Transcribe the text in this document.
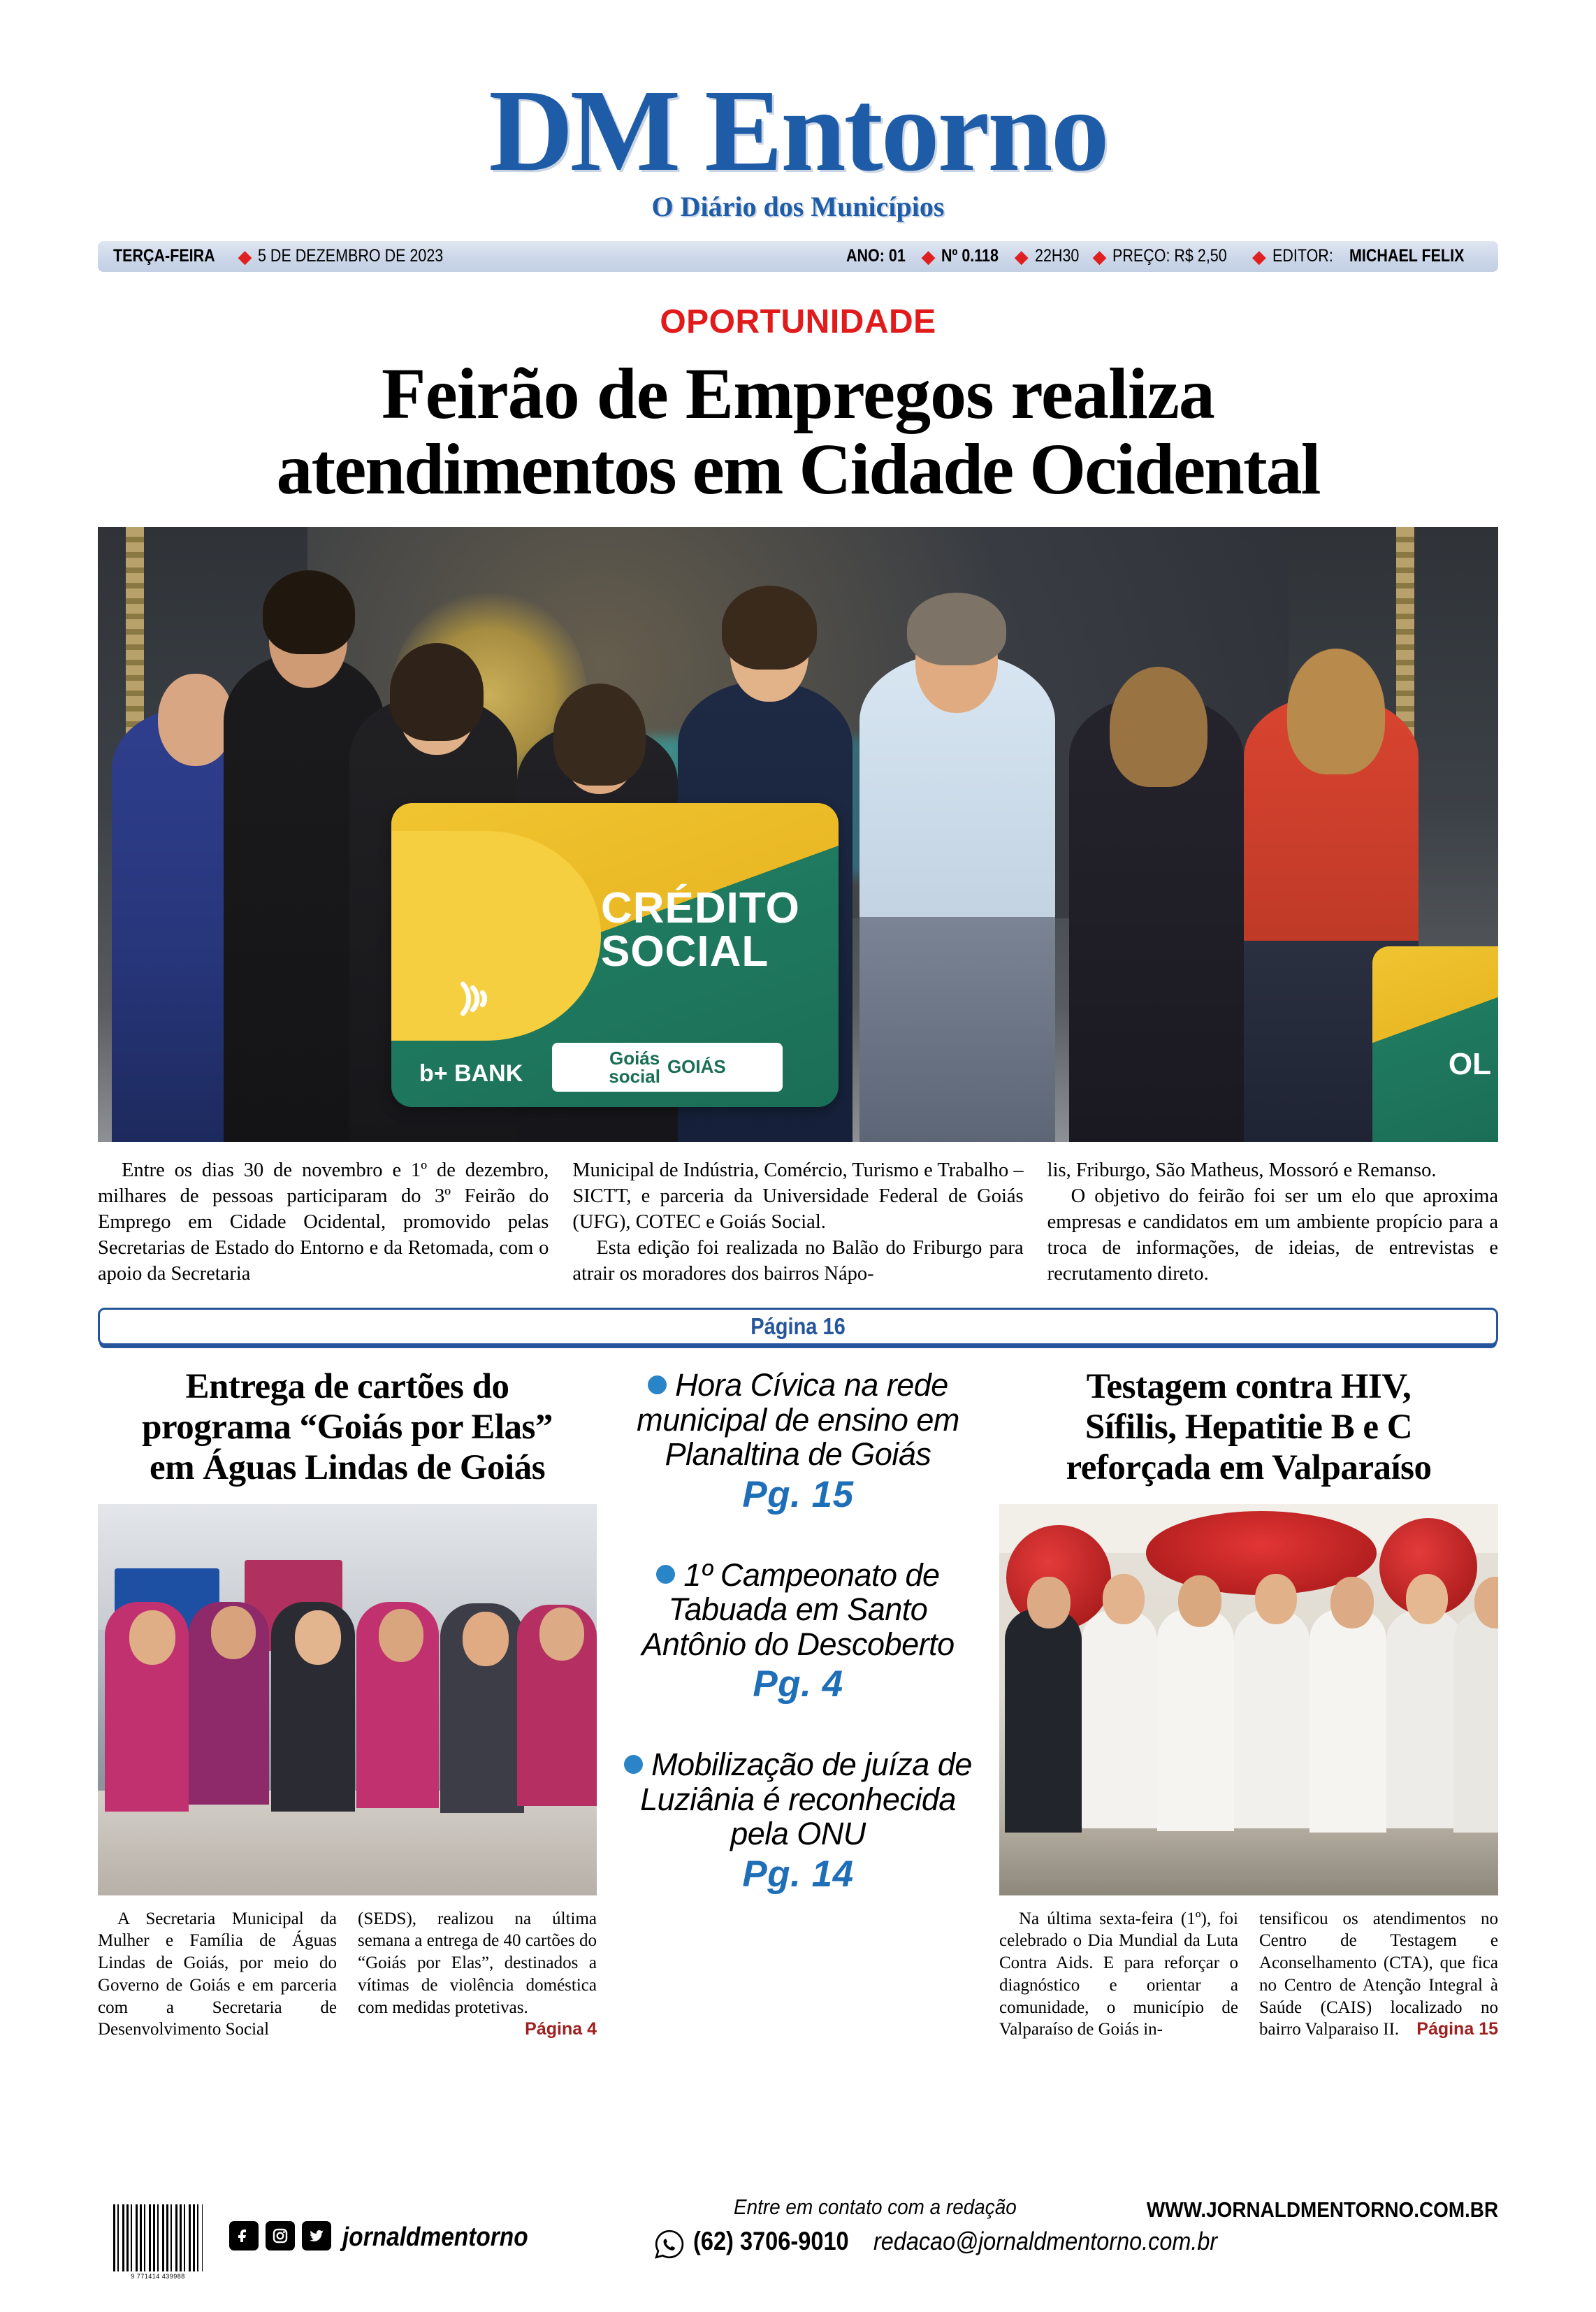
DM Entorno
O Diário dos Municípios
TERÇA-FEIRA ◆ 5 DE DEZEMBRO DE 2023	ANO: 01 ◆ Nº 0.118 ◆ 22H30 ◆ PREÇO: R$ 2,50 ◆ EDITOR: MICHAEL FELIX
OPORTUNIDADE
Feirão de Empregos realiza
atendimentos em Cidade Ocidental
CRÉDITO
SOCIAL
b+ BANK
Goiás
social GOIÁS	OL

Entre os dias 30 de novembro e 1º de dezembro, milhares de pessoas participaram do 3º Feirão do Emprego em Cidade Ocidental, promovido pelas Secretarias de Estado do Entorno e da Retomada, com o apoio da Secretaria

Municipal de Indústria, Comércio, Turismo e Trabalho – SICTT, e parceria da Universidade Federal de Goiás (UFG), COTEC e Goiás Social.

Esta edição foi realizada no Balão do Friburgo para atrair os moradores dos bairros Nápo-

lis, Friburgo, São Matheus, Mossoró e Remanso.

O objetivo do feirão foi ser um elo que aproxima empresas e candidatos em um ambiente propício para a troca de informações, de ideias, de entrevistas e recrutamento direto.

Página 16
Entrega de cartões do
programa “Goiás por Elas”
em Águas Lindas de Goiás

A Secretaria Municipal da Mulher e Família de Águas Lindas de Goiás, por meio do Governo de Goiás e em parceria com a Secretaria de Desenvolvimento Social

(SEDS), realizou na última semana a entrega de 40 cartões do “Goiás por Elas”, destinados a vítimas de violência doméstica com medidas protetivas.
Página 4

Hora Cívica na rede municipal de ensino em Planaltina de Goiás
Pg. 15
1º Campeonato de Tabuada em Santo Antônio do Descoberto
Pg. 4
Mobilização de juíza de Luziânia é reconhecida pela ONU
Pg. 14
Testagem contra HIV,
Sífilis, Hepatitie B e C
reforçada em Valparaíso

Na última sexta-feira (1º), foi celebrado o Dia Mundial da Luta Contra Aids. E para reforçar o diagnóstico e orientar a comunidade, o município de Valparaíso de Goiás in-

tensificou os atendimentos no Centro de Testagem e Aconselhamento (CTA), que fica no Centro de Atenção Integral à Saúde (CAIS) localizado no bairro Valparaiso II. Página 15

9 771414 439988
jornaldmentorno
Entre em contato com a redação
(62) 3706-9010 redacao@jornaldmentorno.com.br
WWW.JORNALDMENTORNO.COM.BR
